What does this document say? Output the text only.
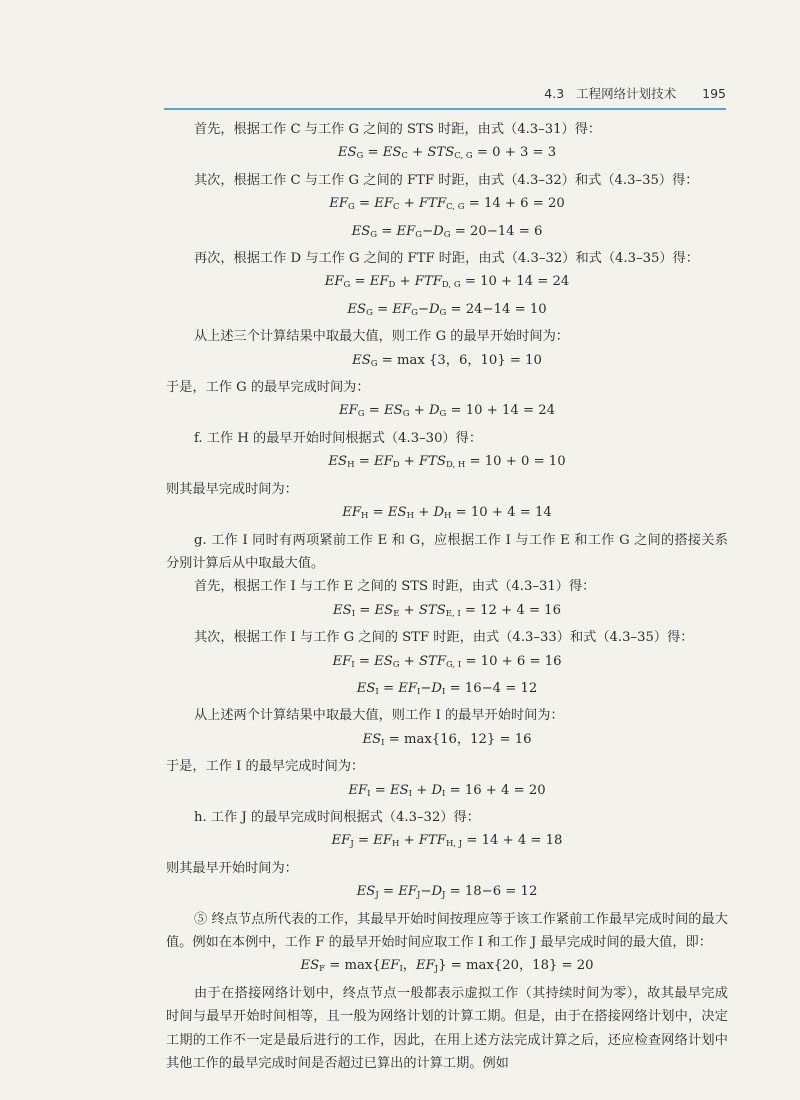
4.3 工程网络计划技术 195

首先，根据工作 C 与工作 G 之间的 STS 时距，由式（4.3–31）得：

$ES_G = ES_C + STS_{C, G} = 0 + 3 = 3$

其次，根据工作 C 与工作 G 之间的 FTF 时距，由式（4.3–32）和式（4.3–35）得：

$EF_G = EF_C + FTF_{C, G} = 14 + 6 = 20$

$ES_G = EF_G-D_G = 20-14 = 6$

再次，根据工作 D 与工作 G 之间的 FTF 时距，由式（4.3–32）和式（4.3–35）得：

$EF_G = EF_D + FTF_{D, G} = 10 + 14 = 24$

$ES_G = EF_G-D_G = 24-14 = 10$

从上述三个计算结果中取最大值，则工作 G 的最早开始时间为：

$ES_G = \max \{3$，6，10} = 10

于是，工作 G 的最早完成时间为：

$EF_G = ES_G + D_G = 10 + 14 = 24$

f. 工作 H 的最早开始时间根据式（4.3–30）得：

$ES_H = EF_D + FTS_{D, H} = 10 + 0 = 10$

则其最早完成时间为：

$EF_H = ES_H + D_H = 10 + 4 = 14$

g. 工作 I 同时有两项紧前工作 E 和 G，应根据工作 I 与工作 E 和工作 G 之间的搭接关系分别计算后从中取最大值。

首先，根据工作 I 与工作 E 之间的 STS 时距，由式（4.3–31）得：

$ES_I = ES_E + STS_{E, I} = 12 + 4 = 16$

其次，根据工作 I 与工作 G 之间的 STF 时距，由式（4.3–33）和式（4.3–35）得：

$EF_I = ES_G + STF_{G, I} = 10 + 6 = 16$

$ES_I = EF_I-D_I = 16-4 = 12$

从上述两个计算结果中取最大值，则工作 I 的最早开始时间为：

$ES_I = \max\{16$，12} = 16

于是，工作 I 的最早完成时间为：

$EF_I = ES_I + D_I = 16 + 4 = 20$

h. 工作 J 的最早完成时间根据式（4.3–32）得：

$EF_J = EF_H + FTF_{H, J} = 14 + 4 = 18$

则其最早开始时间为：

$ES_J = EF_J-D_J = 18-6 = 12$

⑤ 终点节点所代表的工作，其最早开始时间按理应等于该工作紧前工作最早完成时间的最大值。例如在本例中，工作 F 的最早开始时间应取工作 I 和工作 J 最早完成时间的最大值，即：

$ES_F = \max\{EF_I$，$EF_J\} = \max\{20$，18} = 20

由于在搭接网络计划中，终点节点一般都表示虚拟工作（其持续时间为零），故其最早完成时间与最早开始时间相等，且一般为网络计划的计算工期。但是，由于在搭接网络计划中，决定工期的工作不一定是最后进行的工作，因此，在用上述方法完成计算之后，还应检查网络计划中其他工作的最早完成时间是否超过已算出的计算工期。例如
